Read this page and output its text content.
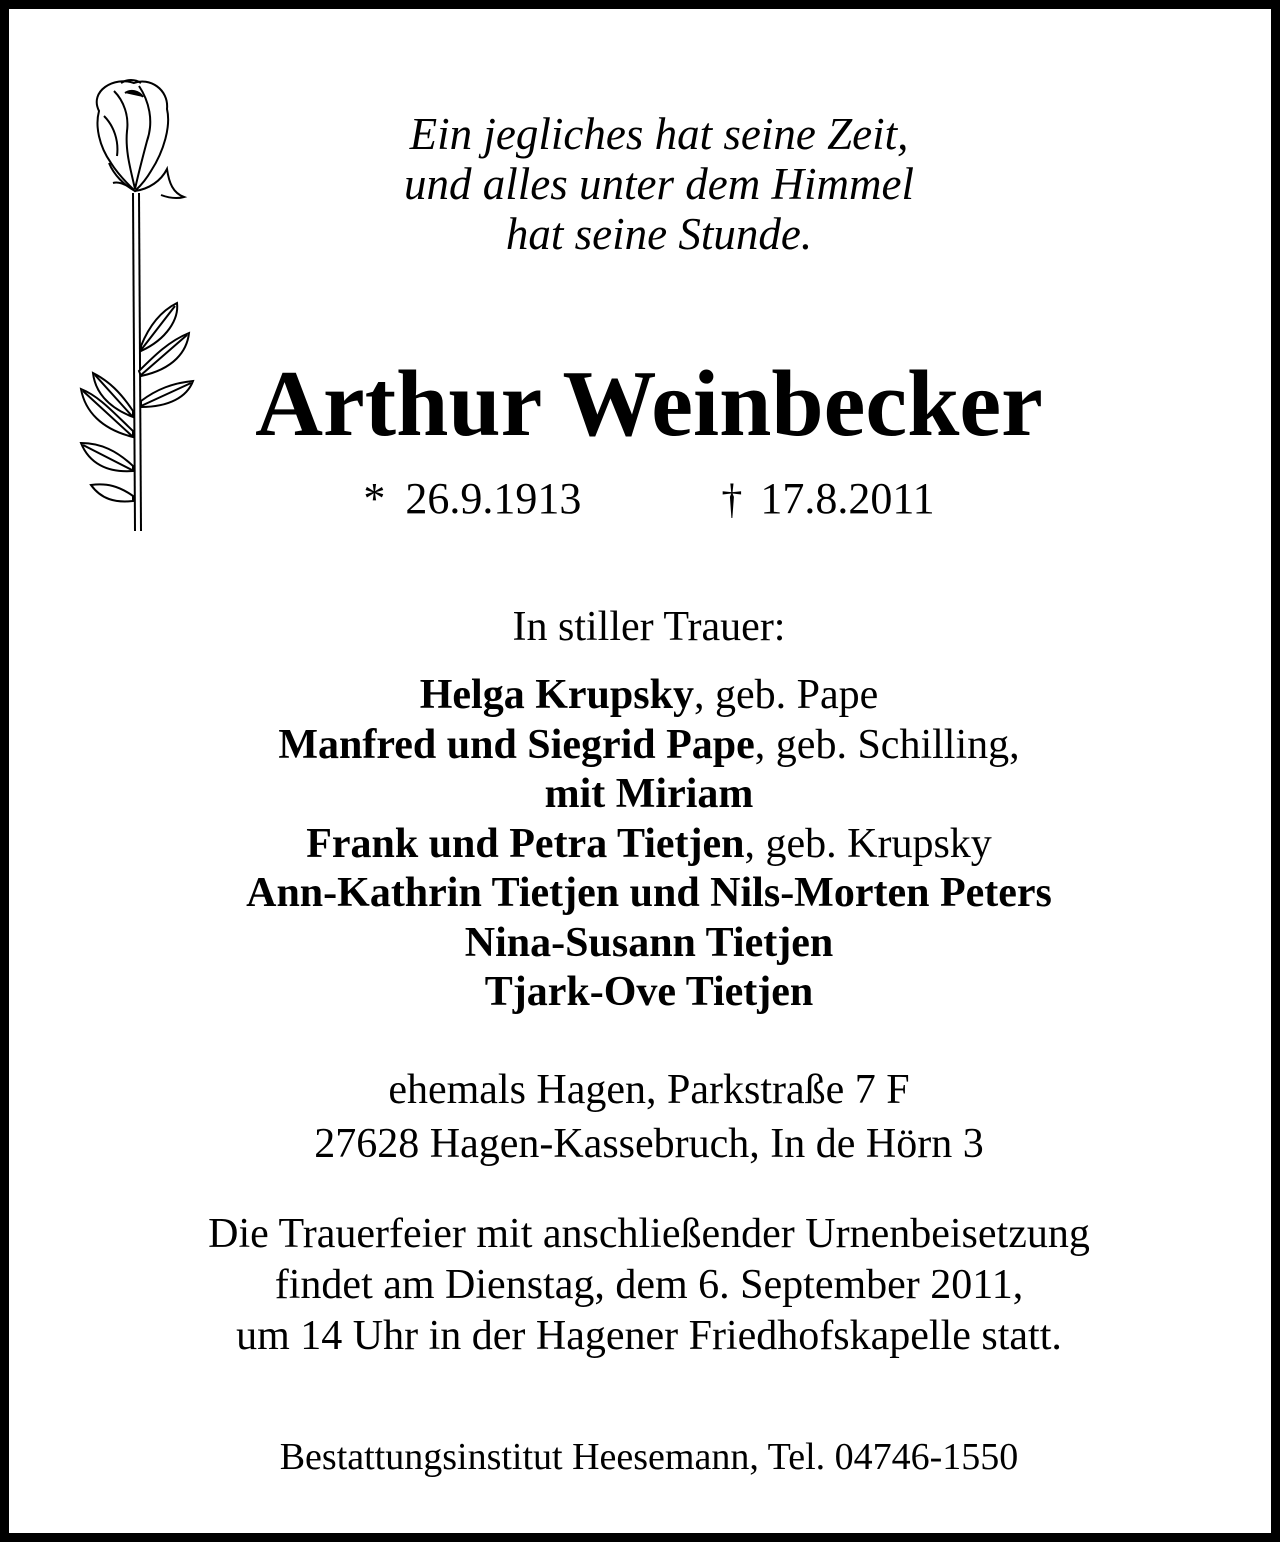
Ein jegliches hat seine Zeit,
und alles unter dem Himmel
hat seine Stunde.
Arthur Weinbecker
* 26.9.1913	† 17.8.2011
In stiller Trauer:
Helga Krupsky, geb. Pape
Manfred und Siegrid Pape, geb. Schilling,
mit Miriam
Frank und Petra Tietjen, geb. Krupsky
Ann-Kathrin Tietjen und Nils-Morten Peters
Nina-Susann Tietjen
Tjark-Ove Tietjen
ehemals Hagen, Parkstraße 7 F
27628 Hagen-Kassebruch, In de Hörn 3
Die Trauerfeier mit anschließender Urnenbeisetzung
findet am Dienstag, dem 6. September 2011,
um 14 Uhr in der Hagener Friedhofskapelle statt.
Bestattungsinstitut Heesemann, Tel. 04746-1550
